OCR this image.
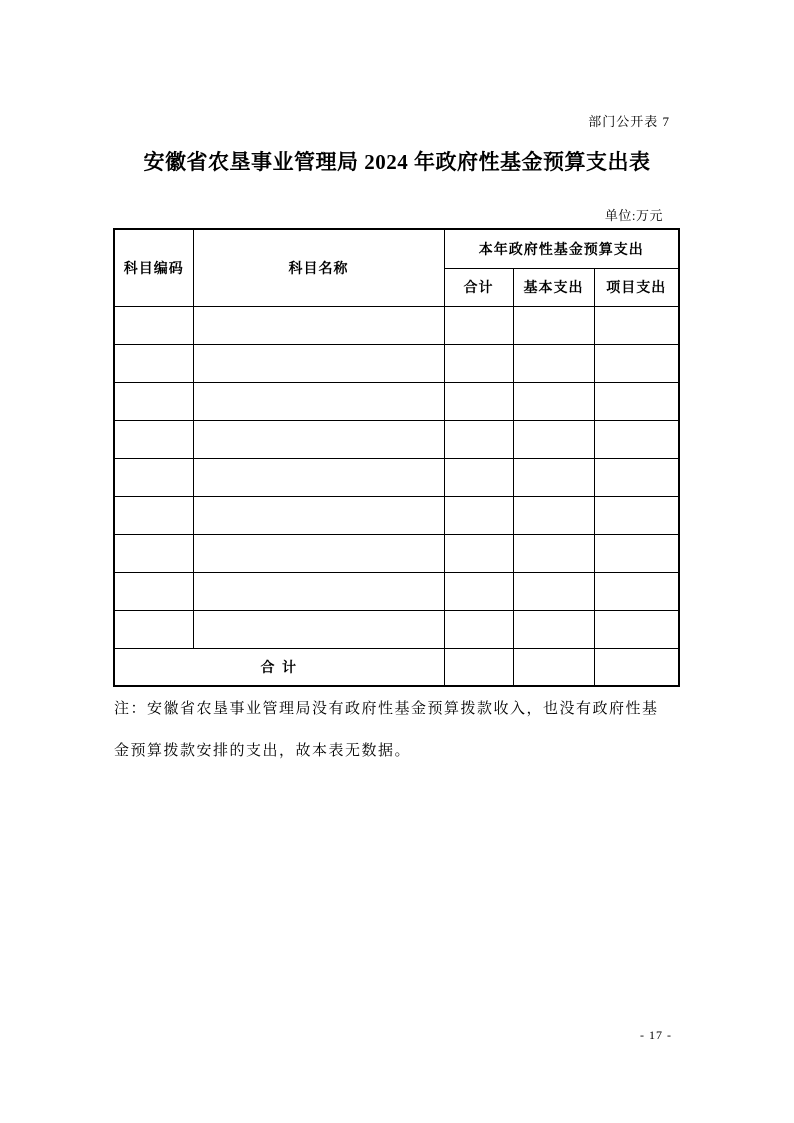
部门公开表 7
安徽省农垦事业管理局 2024 年政府性基金预算支出表
单位:万元
科目编码	科目名称	本年政府性基金预算支出		
		合计	基本支出	项目支出

合 计				
注：安徽省农垦事业管理局没有政府性基金预算拨款收入，也没有政府性基
金预算拨款安排的支出，故本表无数据。
- 17 -
